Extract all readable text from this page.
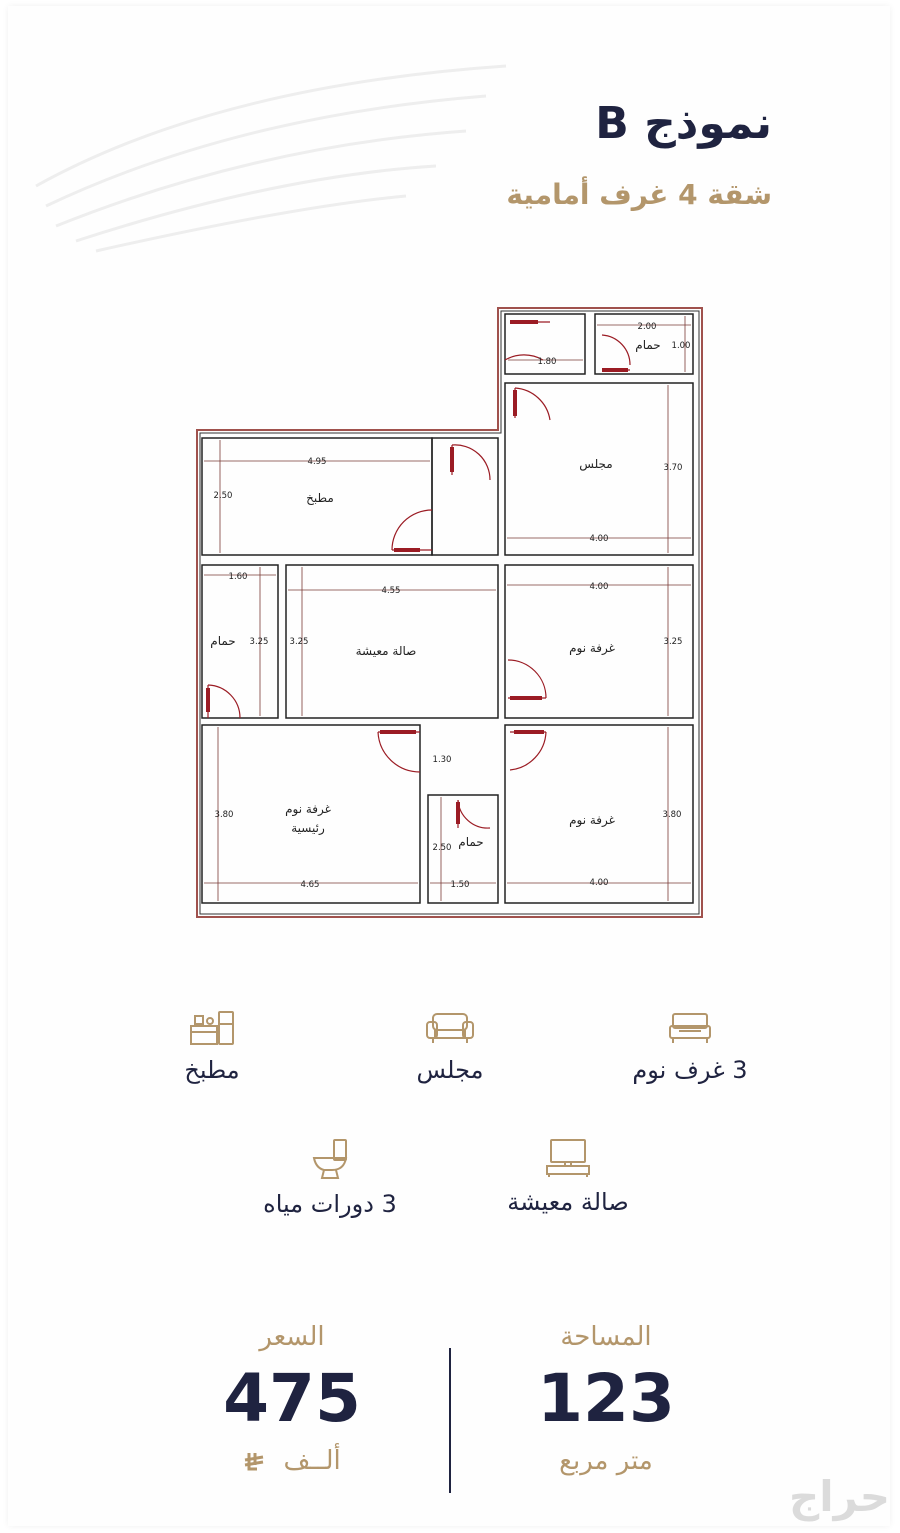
نموذج B
شقة 4 غرف أمامية
4.95
2.50
2.00
1.00
1.80
3.70
4.00
1.60
3.25
4.55
3.25
4.00
3.25
1.30
3.80
4.65
2.50
1.50	4.00
3.80
مجلس
مطبخ
صالة معيشة	غرفة نوم
غرفة نوم
غرفة نوم
رئيسية
حمام
حمام
حمام
3 غرف نوم
مجلس
مطبخ
صالة معيشة
3 دورات مياه
المساحة
123
متر مربع
السعر
475
ألــف
حراج
